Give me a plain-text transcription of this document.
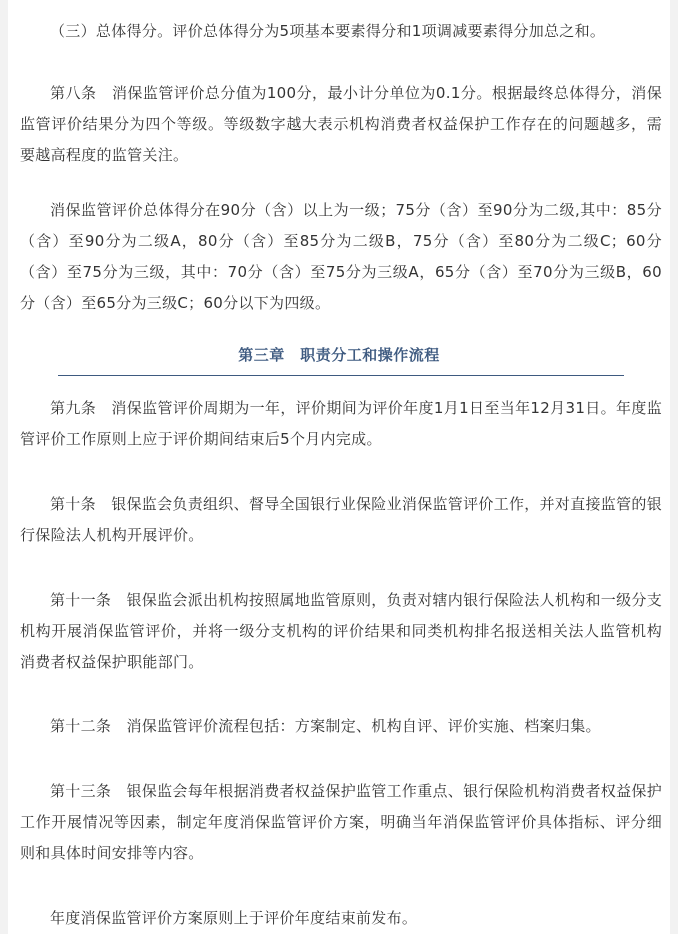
（三）总体得分。评价总体得分为5项基本要素得分和1项调减要素得分加总之和。

第八条　消保监管评价总分值为100分，最小计分单位为0.1分。根据最终总体得分，消保监管评价结果分为四个等级。等级数字越大表示机构消费者权益保护工作存在的问题越多，需要越高程度的监管关注。

消保监管评价总体得分在90分（含）以上为一级；75分（含）至90分为二级,其中：85分（含）至90分为二级A，80分（含）至85分为二级B，75分（含）至80分为二级C；60分（含）至75分为三级，其中：70分（含）至75分为三级A，65分（含）至70分为三级B，60分（含）至65分为三级C；60分以下为四级。

第三章　职责分工和操作流程

第九条　消保监管评价周期为一年，评价期间为评价年度1月1日至当年12月31日。年度监管评价工作原则上应于评价期间结束后5个月内完成。

第十条　银保监会负责组织、督导全国银行业保险业消保监管评价工作，并对直接监管的银行保险法人机构开展评价。

第十一条　银保监会派出机构按照属地监管原则，负责对辖内银行保险法人机构和一级分支机构开展消保监管评价，并将一级分支机构的评价结果和同类机构排名报送相关法人监管机构消费者权益保护职能部门。

第十二条　消保监管评价流程包括：方案制定、机构自评、评价实施、档案归集。

第十三条　银保监会每年根据消费者权益保护监管工作重点、银行保险机构消费者权益保护工作开展情况等因素，制定年度消保监管评价方案，明确当年消保监管评价具体指标、评分细则和具体时间安排等内容。

年度消保监管评价方案原则上于评价年度结束前发布。
